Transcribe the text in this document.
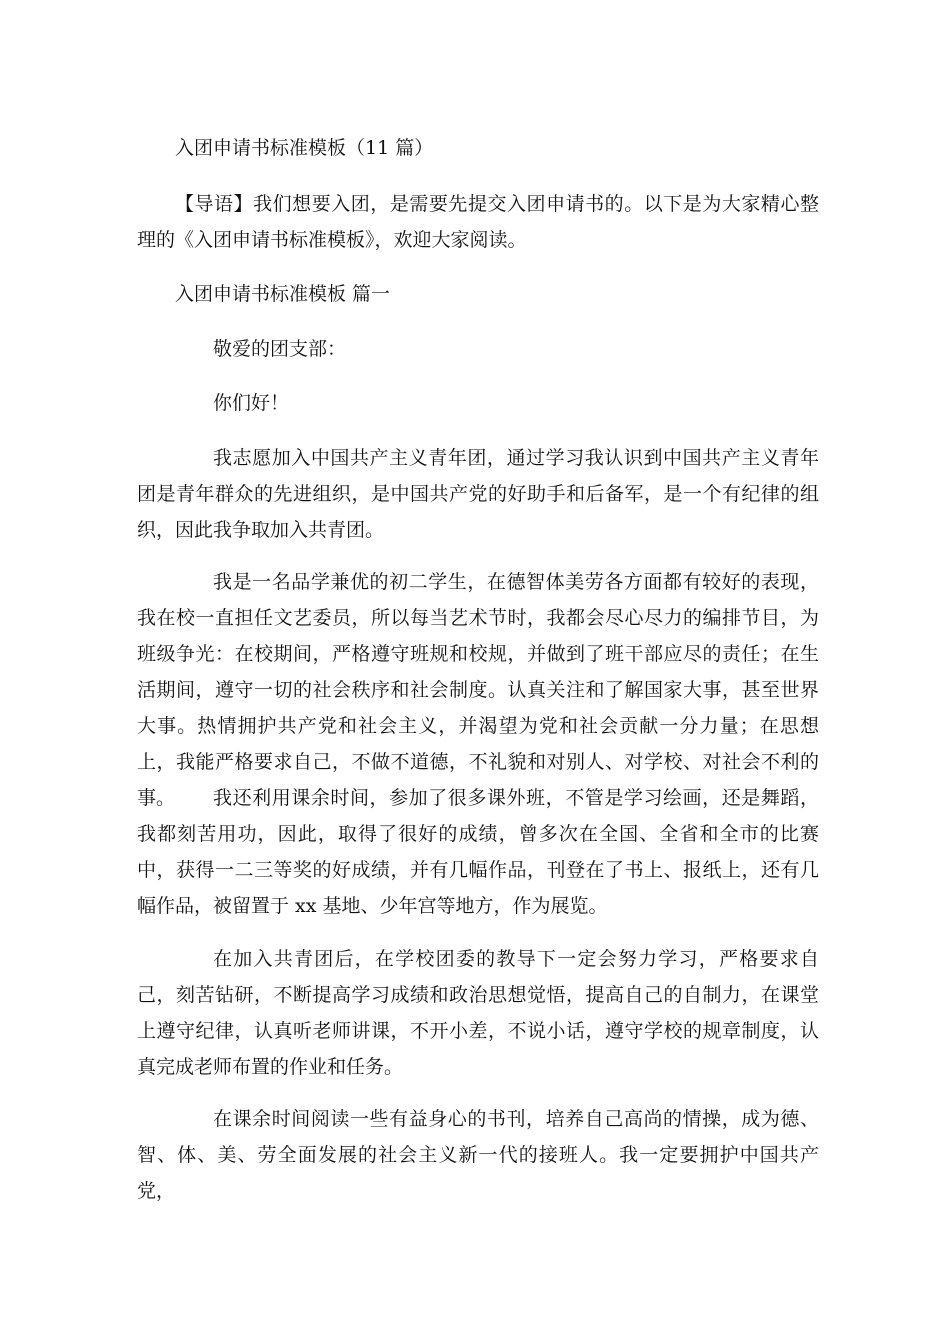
入团申请书标准模板（11 篇）

【导语】我们想要入团，是需要先提交入团申请书的。以下是为大家精心整理的《入团申请书标准模板》，欢迎大家阅读。

入团申请书标准模板 篇一

敬爱的团支部：

你们好！

我志愿加入中国共产主义青年团，通过学习我认识到中国共产主义青年团是青年群众的先进组织，是中国共产党的好助手和后备军，是一个有纪律的组织，因此我争取加入共青团。

我是一名品学兼优的初二学生，在德智体美劳各方面都有较好的表现，我在校一直担任文艺委员，所以每当艺术节时，我都会尽心尽力的编排节目，为班级争光：在校期间，严格遵守班规和校规，并做到了班干部应尽的责任；在生活期间，遵守一切的社会秩序和社会制度。认真关注和了解国家大事，甚至世界大事。热情拥护共产党和社会主义，并渴望为党和社会贡献一分力量；在思想上，我能严格要求自己，不做不道德，不礼貌和对别人、对学校、对社会不利的事。	我还利用课余时间，参加了很多课外班，不管是学习绘画，还是舞蹈，我都刻苦用功，因此，取得了很好的成绩，曾多次在全国、全省和全市的比赛中，获得一二三等奖的好成绩，并有几幅作品，刊登在了书上、报纸上，还有几幅作品，被留置于 xx 基地、少年宫等地方，作为展览。

在加入共青团后，在学校团委的教导下一定会努力学习，严格要求自己，刻苦钻研，不断提高学习成绩和政治思想觉悟，提高自己的自制力，在课堂上遵守纪律，认真听老师讲课，不开小差，不说小话，遵守学校的规章制度，认真完成老师布置的作业和任务。

在课余时间阅读一些有益身心的书刊，培养自己高尚的情操，成为德、智、体、美、劳全面发展的社会主义新一代的接班人。我一定要拥护中国共产党，
